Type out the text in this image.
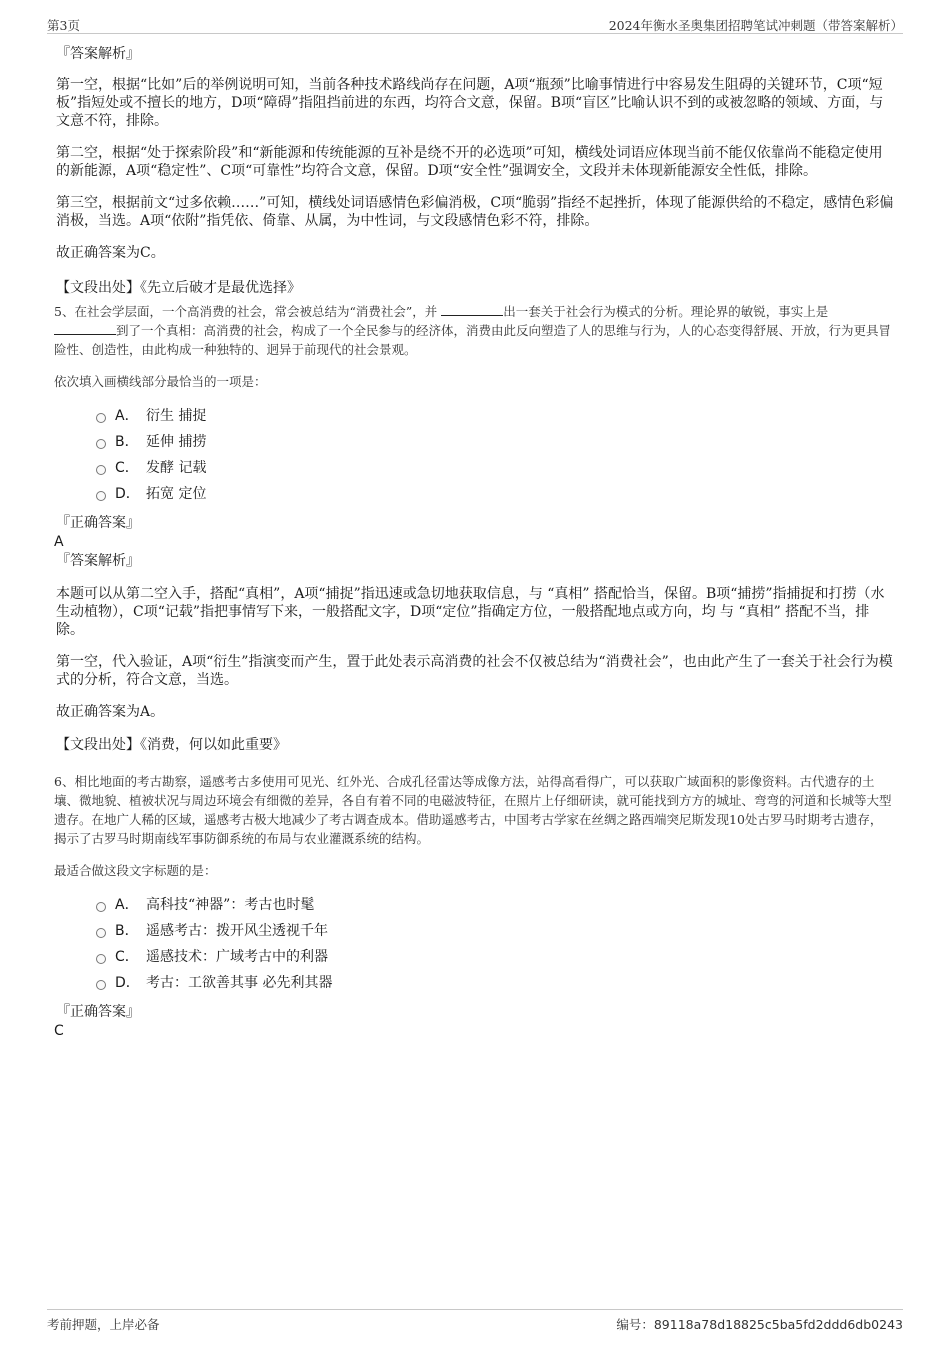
第3页	2024年衡水圣奥集团招聘笔试冲刺题（带答案解析）
『答案解析』

第一空，根据“比如”后的举例说明可知，当前各种技术路线尚存在问题，A项“瓶颈”比喻事情进行中容易发生阻碍的关键环节，C项“短板”指短处或不擅长的地方，D项“障碍”指阻挡前进的东西，均符合文意，保留。B项“盲区”比喻认识不到的或被忽略的领域、方面，与文意不符，排除。

第二空，根据“处于探索阶段”和“新能源和传统能源的互补是绕不开的必选项”可知，横线处词语应体现当前不能仅依靠尚不能稳定使用的新能源，A项“稳定性”、C项“可靠性”均符合文意，保留。D项“安全性”强调安全，文段并未体现新能源安全性低，排除。

第三空，根据前文“过多依赖……”可知，横线处词语感情色彩偏消极，C项“脆弱”指经不起挫折，体现了能源供给的不稳定，感情色彩偏消极，当选。A项“依附”指凭依、倚靠、从属，为中性词，与文段感情色彩不符，排除。

故正确答案为C。

【文段出处】《先立后破才是最优选择》

5、在社会学层面，一个高消费的社会，常会被总结为“消费社会”，并	出一套关于社会行为模式的分析。理论界的敏锐，事实上是
到了一个真相：高消费的社会，构成了一个全民参与的经济体，消费由此反向塑造了人的思维与行为，人的心态变得舒展、开放，行为更具冒险性、创造性，由此构成一种独特的、迥异于前现代的社会景观。

依次填入画横线部分最恰当的一项是：

A． 衍生 捕捉
B． 延伸 捕捞
C． 发酵 记载
D． 拓宽 定位
『正确答案』
A
『答案解析』

本题可以从第二空入手，搭配“真相”，A项“捕捉”指迅速或急切地获取信息，与 “真相” 搭配恰当，保留。B项“捕捞”指捕捉和打捞（水生动植物），C项“记载”指把事情写下来，一般搭配文字，D项“定位”指确定方位，一般搭配地点或方向，均 与 “真相” 搭配不当，排除。

第一空，代入验证，A项“衍生”指演变而产生，置于此处表示高消费的社会不仅被总结为“消费社会”，也由此产生了一套关于社会行为模式的分析，符合文意，当选。

故正确答案为A。

【文段出处】《消费，何以如此重要》

6、相比地面的考古勘察，遥感考古多使用可见光、红外光、合成孔径雷达等成像方法，站得高看得广，可以获取广域面积的影像资料。古代遗存的土壤、微地貌、植被状况与周边环境会有细微的差异，各自有着不同的电磁波特征，在照片上仔细研读，就可能找到方方的城址、弯弯的河道和长城等大型遗存。在地广人稀的区域，遥感考古极大地减少了考古调查成本。借助遥感考古，中国考古学家在丝绸之路西端突尼斯发现10处古罗马时期考古遗存，揭示了古罗马时期南线军事防御系统的布局与农业灌溉系统的结构。

最适合做这段文字标题的是：

A． 高科技“神器”：考古也时髦
B． 遥感考古：拨开风尘透视千年
C． 遥感技术：广域考古中的利器
D． 考古：工欲善其事 必先利其器
『正确答案』
C
考前押题，上岸必备	编号：89118a78d18825c5ba5fd2ddd6db0243
